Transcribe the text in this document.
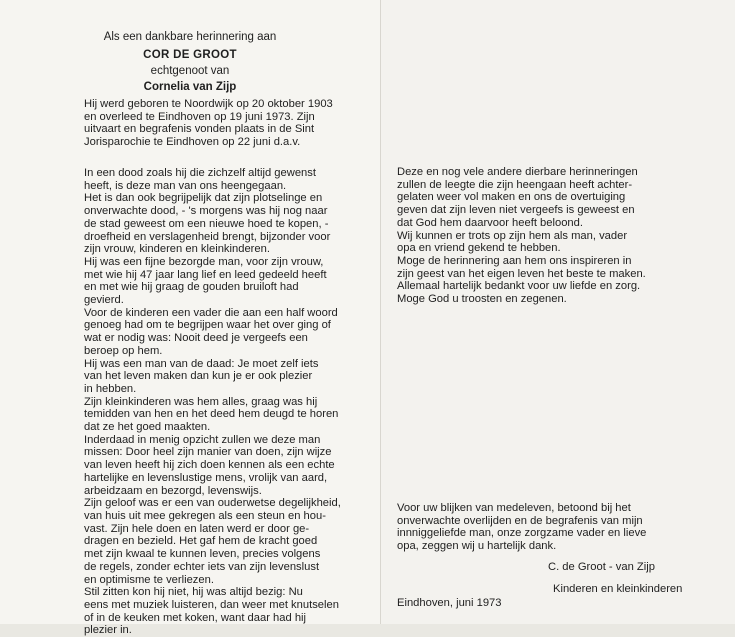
Als een dankbare herinnering aan
COR DE GROOT
echtgenoot van
Cornelia van Zijp
Hij werd geboren te Noordwijk op 20 oktober 1903
en overleed te Eindhoven op 19 juni 1973. Zijn
uitvaart en begrafenis vonden plaats in de Sint
Jorisparochie te Eindhoven op 22 juni d.a.v.
In een dood zoals hij die zichzelf altijd gewenst
heeft, is deze man van ons heengegaan.
Het is dan ook begrijpelijk dat zijn plotselinge en
onverwachte dood, - 's morgens was hij nog naar
de stad geweest om een nieuwe hoed te kopen, -
droefheid en verslagenheid brengt, bijzonder voor
zijn vrouw, kinderen en kleinkinderen.
Hij was een fijne bezorgde man, voor zijn vrouw,
met wie hij 47 jaar lang lief en leed gedeeld heeft
en met wie hij graag de gouden bruiloft had
gevierd.
Voor de kinderen een vader die aan een half woord
genoeg had om te begrijpen waar het over ging of
wat er nodig was: Nooit deed je vergeefs een
beroep op hem.
Hij was een man van de daad: Je moet zelf iets
van het leven maken dan kun je er ook plezier
in hebben.
Zijn kleinkinderen was hem alles, graag was hij
temidden van hen en het deed hem deugd te horen
dat ze het goed maakten.
Inderdaad in menig opzicht zullen we deze man
missen: Door heel zijn manier van doen, zijn wijze
van leven heeft hij zich doen kennen als een echte
hartelijke en levenslustige mens, vrolijk van aard,
arbeidzaam en bezorgd, levenswijs.
Zijn geloof was er een van ouderwetse degelijkheid,
van huis uit mee gekregen als een steun en hou-
vast. Zijn hele doen en laten werd er door ge-
dragen en bezield. Het gaf hem de kracht goed
met zijn kwaal te kunnen leven, precies volgens
de regels, zonder echter iets van zijn levenslust
en optimisme te verliezen.
Stil zitten kon hij niet, hij was altijd bezig: Nu
eens met muziek luisteren, dan weer met knutselen
of in de keuken met koken, want daar had hij
plezier in.
Deze en nog vele andere dierbare herinneringen
zullen de leegte die zijn heengaan heeft achter-
gelaten weer vol maken en ons de overtuiging
geven dat zijn leven niet vergeefs is geweest en
dat God hem daarvoor heeft beloond.
Wij kunnen er trots op zijn hem als man, vader
opa en vriend gekend te hebben.
Moge de herinnering aan hem ons inspireren in
zijn geest van het eigen leven het beste te maken.
Allemaal hartelijk bedankt voor uw liefde en zorg.
Moge God u troosten en zegenen.
Voor uw blijken van medeleven, betoond bij het
onverwachte overlijden en de begrafenis van mijn
innniggeliefde man, onze zorgzame vader en lieve
opa, zeggen wij u hartelijk dank.
C. de Groot - van Zijp
Kinderen en kleinkinderen
Eindhoven, juni 1973
